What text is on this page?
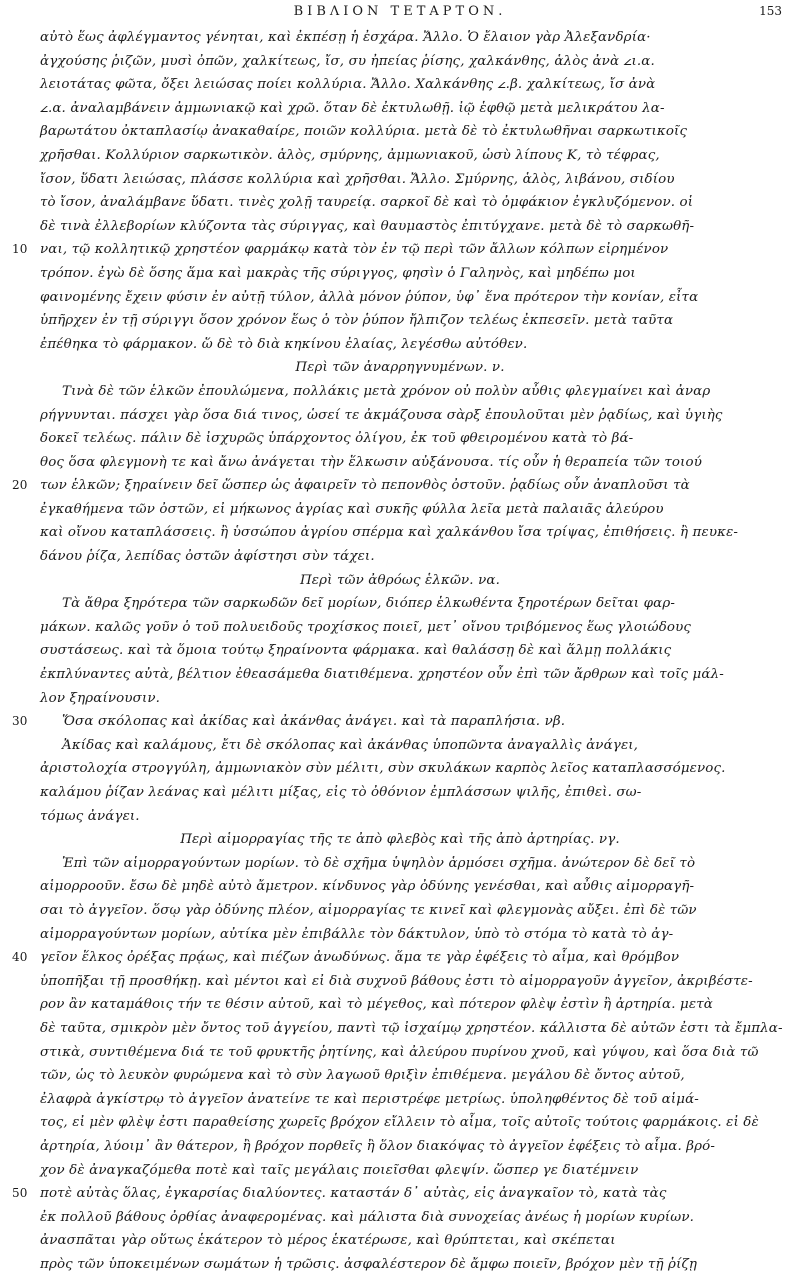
ΒΙΒΛΙΟΝ ΤΕΤΑΡΤΟΝ.	153
αὐτὸ ἕως ἀφλέγμαντος γένηται, καὶ ἐκπέσῃ ἡ ἐσχάρα. Ἄλλο. Ὁ ἔλαιον γὰρ Ἀλεξανδρία·
ἀγχούσης ῥιζῶν, μυσὶ ὀπῶν, χαλκίτεως, ἴσ, συ ἠπείας ῥίσης, χαλκάνθης, ἁλὸς ἀνὰ 𐅵ι.α.
λειοτάτας φῶτα, ὄξει λειώσας ποίει κολλύρια. Ἄλλο. Χαλκάνθης 𐅵.β. χαλκίτεως, ἴσ ἀνὰ
𐅵.α. ἀναλαμβάνειν ἀμμωνιακῷ καὶ χρῶ. ὅταν δὲ ἐκτυλωθῇ. ἰῷ ἑφθῷ μετὰ μελικράτου λα-
βαρωτάτου ὀκταπλασίῳ ἀνακαθαίρε, ποιῶν κολλύρια. μετὰ δὲ τὸ ἐκτυλωθῆναι σαρκωτικοῖς
χρῆσθαι. Κολλύριον σαρκωτικὸν. ἁλὸς, σμύρνης, ἀμμωνιακοῦ, ὡσὺ λίπους Κ, τὸ τέφρας,
ἴσον, ὕδατι λειώσας, πλάσσε κολλύρια καὶ χρῆσθαι. Ἄλλο. Σμύρνης, ἁλὸς, λιβάνου, σιδίου
τὸ ἴσον, ἀναλάμβανε ὕδατι. τινὲς χολῇ ταυρείᾳ. σαρκοῖ δὲ καὶ τὸ ὀμφάκιον ἐγκλυζόμενον. οἱ
δὲ τινὰ ἐλλεβορίων κλύζοντα τὰς σύριγγας, καὶ θαυμαστὸς ἐπιτύγχανε. μετὰ δὲ τὸ σαρκωθῆ-
10 ναι, τῷ κολλητικῷ χρηστέον φαρμάκῳ κατὰ τὸν ἐν τῷ περὶ τῶν ἄλλων κόλπων εἰρημένον
τρόπον. ἐγὼ δὲ ὅσης ἅμα καὶ μακρὰς τῆς σύριγγος, φησὶν ὁ Γαληνὸς, καὶ μηδέπω μοι
φαινομένης ἔχειν φύσιν ἐν αὐτῇ τύλον, ἀλλὰ μόνον ῥύπον, ὑφ᾽ ἕνα πρότερον τὴν κονίαν, εἶτα
ὑπῆρχεν ἐν τῇ σύριγγι ὅσον χρόνον ἕως ὁ τὸν ῥύπον ἤλπιζον τελέως ἐκπεσεῖν. μετὰ ταῦτα
ἐπέθηκα τὸ φάρμακον. ὥ δὲ τὸ διὰ κηκίνου ἐλαίας, λεγέσθω αὐτόθεν.
Περὶ τῶν ἀναρρηγνυμένων. ν.
Τινὰ δὲ τῶν ἑλκῶν ἐπουλώμενα, πολλάκις μετὰ χρόνον οὐ πολὺν αὖθις φλεγμαίνει καὶ ἀναρ
ρήγνυνται. πάσχει γὰρ ὅσα διά τινος, ὡσεί τε ἀκμάζουσα σὰρξ ἐπουλοῦται μὲν ῥᾳδίως, καὶ ὑγιὴς
δοκεῖ τελέως. πάλιν δὲ ἰσχυρῶς ὑπάρχοντος ὀλίγου, ἐκ τοῦ φθειρομένου κατὰ τὸ βά-
θος ὅσα φλεγμονὴ τε καὶ ἄνω ἀνάγεται τὴν ἕλκωσιν αὐξάνουσα. τίς οὖν ἡ θεραπεία τῶν τοιού
20 των ἑλκῶν; ξηραίνειν δεῖ ὥσπερ ὡς ἀφαιρεῖν τὸ πεπονθὸς ὀστοῦν. ῥᾳδίως οὖν ἀναπλοῦσι τὰ
ἐγκαθήμενα τῶν ὀστῶν, εἰ μήκωνος ἀγρίας καὶ συκῆς φύλλα λεῖα μετὰ παλαιᾶς ἀλεύρου
καὶ οἴνου καταπλάσσεις. ἢ ὑσσώπου ἀγρίου σπέρμα καὶ χαλκάνθου ἴσα τρίψας, ἐπιθήσεις. ἢ πευκε-
δάνου ῥίζα, λεπίδας ὀστῶν ἀφίστησι σὺν τάχει.
Περὶ τῶν ἀθρόως ἑλκῶν. να.
Τὰ ἄθρα ξηρότερα τῶν σαρκωδῶν δεῖ μορίων, διόπερ ἑλκωθέντα ξηροτέρων δεῖται φαρ-
μάκων. καλῶς γοῦν ὁ τοῦ πολυειδοῦς τροχίσκος ποιεῖ, μετ᾽ οἴνου τριβόμενος ἕως γλοιώδους
συστάσεως. καὶ τὰ ὅμοια τούτῳ ξηραίνοντα φάρμακα. καὶ θαλάσσῃ δὲ καὶ ἅλμῃ πολλάκις
ἐκπλύναντες αὐτὰ, βέλτιον ἐθεασάμεθα διατιθέμενα. χρηστέον οὖν ἐπὶ τῶν ἄρθρων καὶ τοῖς μάλ-
λον ξηραίνουσιν.
30	Ὅσα σκόλοπας καὶ ἀκίδας καὶ ἀκάνθας ἀνάγει. καὶ τὰ παραπλήσια. νβ.
Ἀκίδας καὶ καλάμους, ἔτι δὲ σκόλοπας καὶ ἀκάνθας ὑποπῶντα ἀναγαλλὶς ἀνάγει,
ἀριστολοχία στρογγύλη, ἀμμωνιακὸν σὺν μέλιτι, σὺν σκυλάκων καρπὸς λεῖος καταπλασσόμενος.
καλάμου ῥίζαν λεάνας καὶ μέλιτι μίξας, εἰς τὸ ὀθόνιον ἐμπλάσσων ψιλῆς, ἐπιθεὶ. σω-
τόμως ἀνάγει.
Περὶ αἱμορραγίας τῆς τε ἀπὸ φλεβὸς καὶ τῆς ἀπὸ ἀρτηρίας. νγ.
Ἐπὶ τῶν αἱμορραγούντων μορίων. τὸ δὲ σχῆμα ὑψηλὸν ἁρμόσει σχῆμα. ἀνώτερον δὲ δεῖ τὸ
αἱμορροοῦν. ἔσω δὲ μηδὲ αὐτὸ ἄμετρον. κίνδυνος γὰρ ὀδύνης γενέσθαι, καὶ αὖθις αἱμορραγῆ-
σαι τὸ ἀγγεῖον. ὅσῳ γὰρ ὀδύνης πλέον, αἱμορραγίας τε κινεῖ καὶ φλεγμονὰς αὔξει. ἐπὶ δὲ τῶν
αἱμορραγούντων μορίων, αὐτίκα μὲν ἐπιβάλλε τὸν δάκτυλον, ὑπὸ τὸ στόμα τὸ κατὰ τὸ ἀγ-
40 γεῖον ἕλκος ὀρέξας πρᾴως, καὶ πιέζων ἀνωδύνως. ἅμα τε γὰρ ἐφέξεις τὸ αἷμα, καὶ θρόμβον
ὑποπῆξαι τῇ προσθήκῃ. καὶ μέντοι καὶ εἰ διὰ συχνοῦ βάθους ἐστι τὸ αἱμορραγοῦν ἀγγεῖον, ἀκριβέστε-
ρον ἂν καταμάθοις τήν τε θέσιν αὐτοῦ, καὶ τὸ μέγεθος, καὶ πότερον φλὲψ ἐστὶν ἢ ἀρτηρία. μετὰ
δὲ ταῦτα, σμικρὸν μὲν ὄντος τοῦ ἀγγείου, παντὶ τῷ ἰσχαίμῳ χρηστέον. κάλλιστα δὲ αὐτῶν ἐστι τὰ ἔμπλα-
στικὰ, συντιθέμενα διά τε τοῦ φρυκτῆς ῥητίνης, καὶ ἀλεύρου πυρίνου χνοῦ, καὶ γύψου, καὶ ὅσα διὰ τῶ
τῶν, ὡς τὸ λευκὸν φυρώμενα καὶ τὸ σὺν λαγωοῦ θριξὶν ἐπιθέμενα. μεγάλου δὲ ὄντος αὐτοῦ,
ἐλαφρὰ ἀγκίστρῳ τὸ ἀγγεῖον ἀνατείνε τε καὶ περιστρέφε μετρίως. ὑποληφθέντος δὲ τοῦ αἱμά-
τος, εἰ μὲν φλὲψ ἐστι παραθείσης χωρεῖς βρόχον εἴλλειν τὸ αἷμα, τοῖς αὐτοῖς τούτοις φαρμάκοις. εἰ δὲ
ἀρτηρία, λύοιμ᾽ ἂν θάτερον, ἢ βρόχον πορθεῖς ἢ ὅλον διακόψας τὸ ἀγγεῖον ἐφέξεις τὸ αἷμα. βρό-
χον δὲ ἀναγκαζόμεθα ποτὲ καὶ ταῖς μεγάλαις ποιεῖσθαι φλεψίν. ὥσπερ γε διατέμνειν
50 ποτὲ αὐτὰς ὅλας, ἐγκαρσίας διαλύοντες. καταστάν δ᾽ αὐτὰς, εἰς ἀναγκαῖον τὸ, κατὰ τὰς
ἐκ πολλοῦ βάθους ὀρθίας ἀναφερομένας. καὶ μάλιστα διὰ συνοχείας ἀνέως ἡ μορίων κυρίων.
ἀνασπᾶται γὰρ οὕτως ἑκάτερον τὸ μέρος ἑκατέρωσε, καὶ θρύπτεται, καὶ σκέπεται
πρὸς τῶν ὑποκειμένων σωμάτων ἡ τρῶσις. ἀσφαλέστερον δὲ ἄμφω ποιεῖν, βρόχον μὲν τῇ ῥίζῃ
